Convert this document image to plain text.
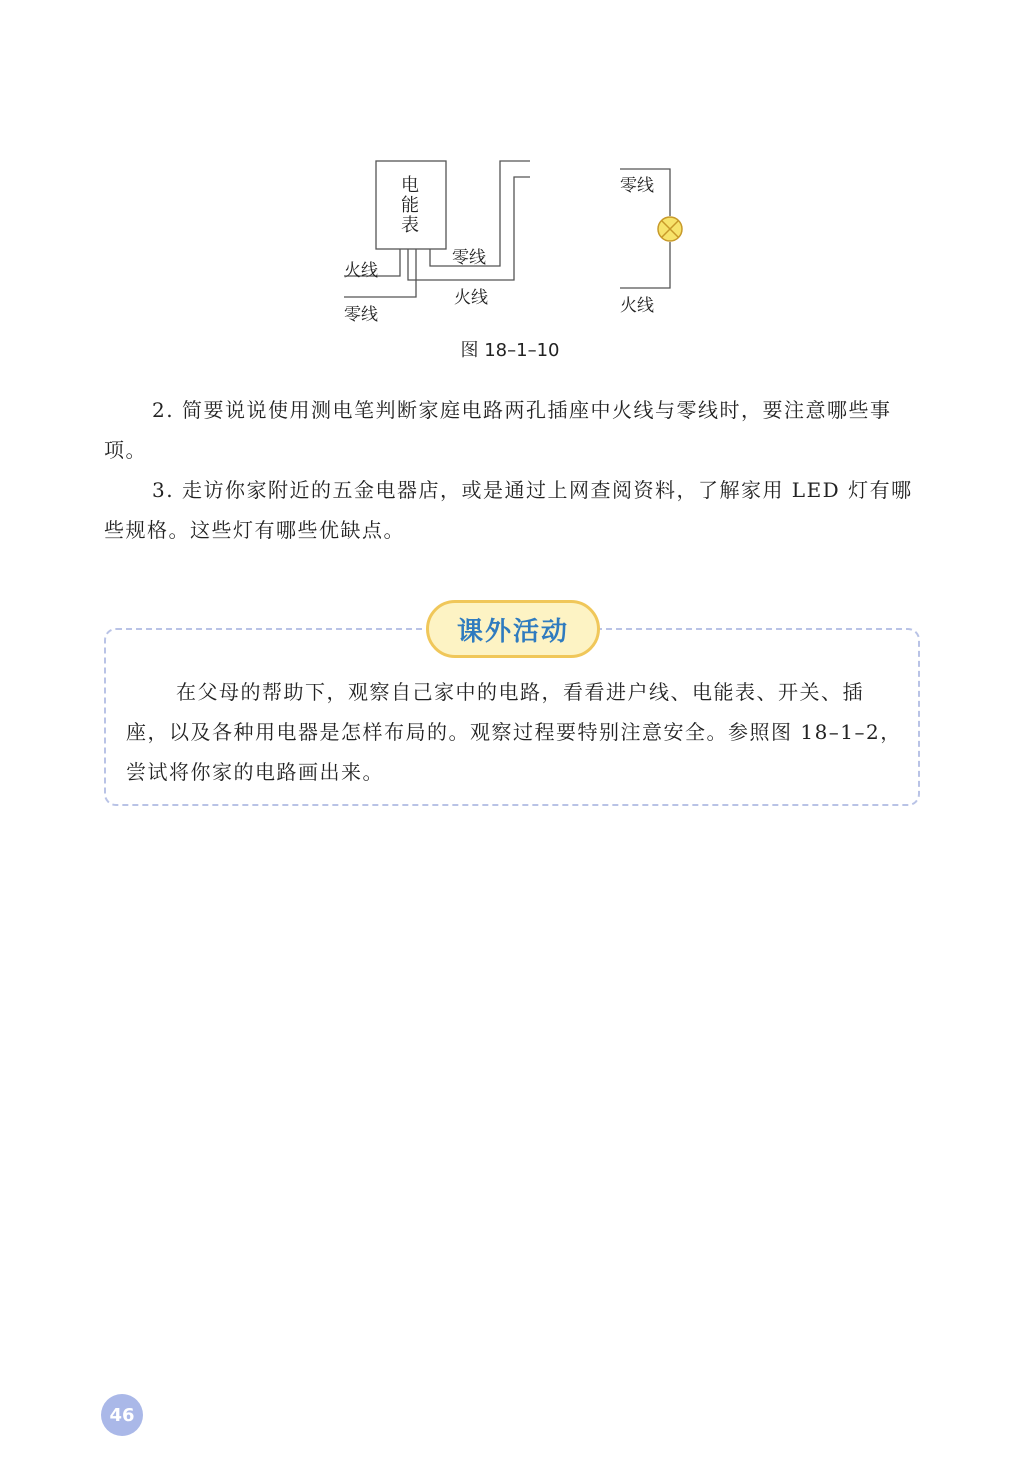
电能表
火线
零线
零线
火线
零线
火线
图 18–1–10

2. 简要说说使用测电笔判断家庭电路两孔插座中火线与零线时，要注意哪些事项。

3. 走访你家附近的五金电器店，或是通过上网查阅资料，了解家用 LED 灯有哪些规格。这些灯有哪些优缺点。

课外活动

在父母的帮助下，观察自己家中的电路，看看进户线、电能表、开关、插座，以及各种用电器是怎样布局的。观察过程要特别注意安全。参照图 18–1–2，尝试将你家的电路画出来。

46
